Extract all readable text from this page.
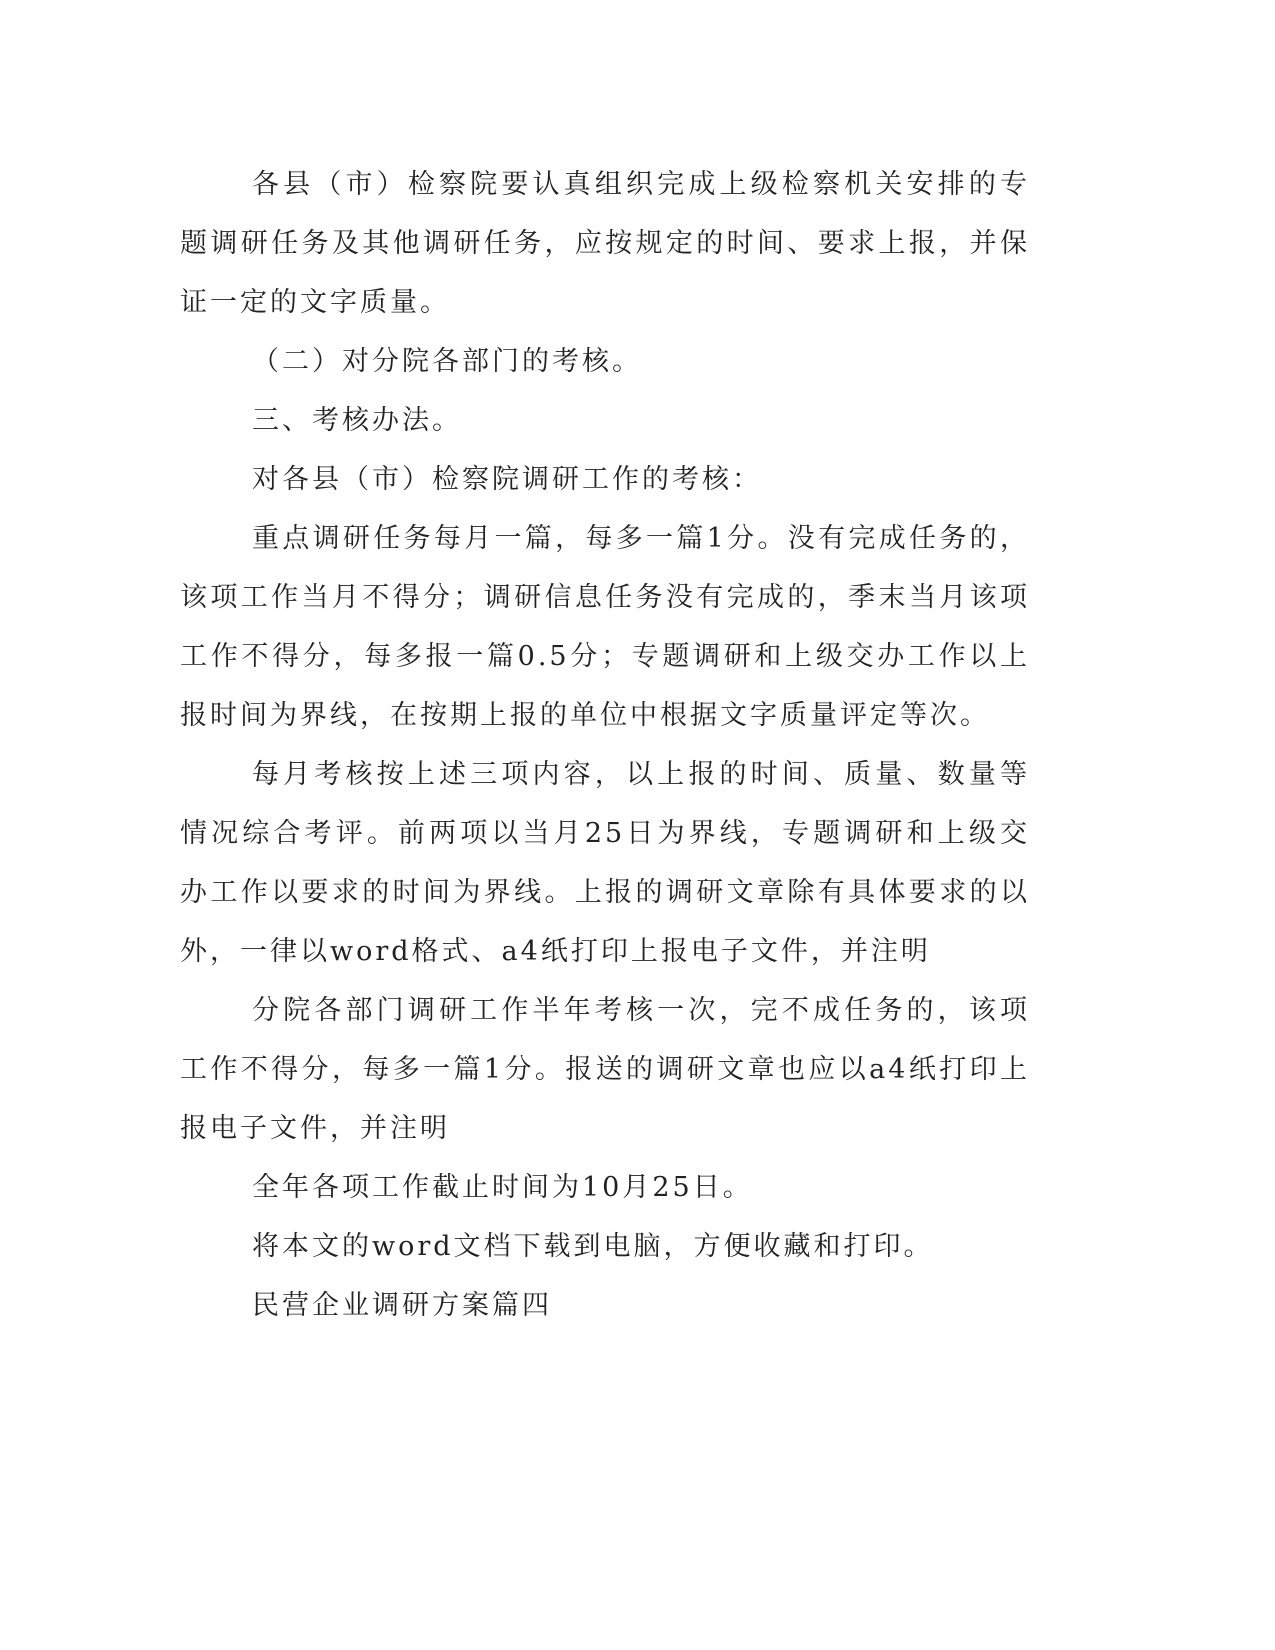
各县（市）检察院要认真组织完成上级检察机关安排的专题调研任务及其他调研任务，应按规定的时间、要求上报，并保证一定的文字质量。

（二）对分院各部门的考核。

三、考核办法。

对各县（市）检察院调研工作的考核：

重点调研任务每月一篇，每多一篇1分。没有完成任务的，该项工作当月不得分；调研信息任务没有完成的，季末当月该项工作不得分，每多报一篇0.5分；专题调研和上级交办工作以上报时间为界线，在按期上报的单位中根据文字质量评定等次。

每月考核按上述三项内容，以上报的时间、质量、数量等情况综合考评。前两项以当月25日为界线，专题调研和上级交办工作以要求的时间为界线。上报的调研文章除有具体要求的以外，一律以word格式、a4纸打印上报电子文件，并注明

分院各部门调研工作半年考核一次，完不成任务的，该项工作不得分，每多一篇1分。报送的调研文章也应以a4纸打印上报电子文件，并注明

全年各项工作截止时间为10月25日。

将本文的word文档下载到电脑，方便收藏和打印。

民营企业调研方案篇四
